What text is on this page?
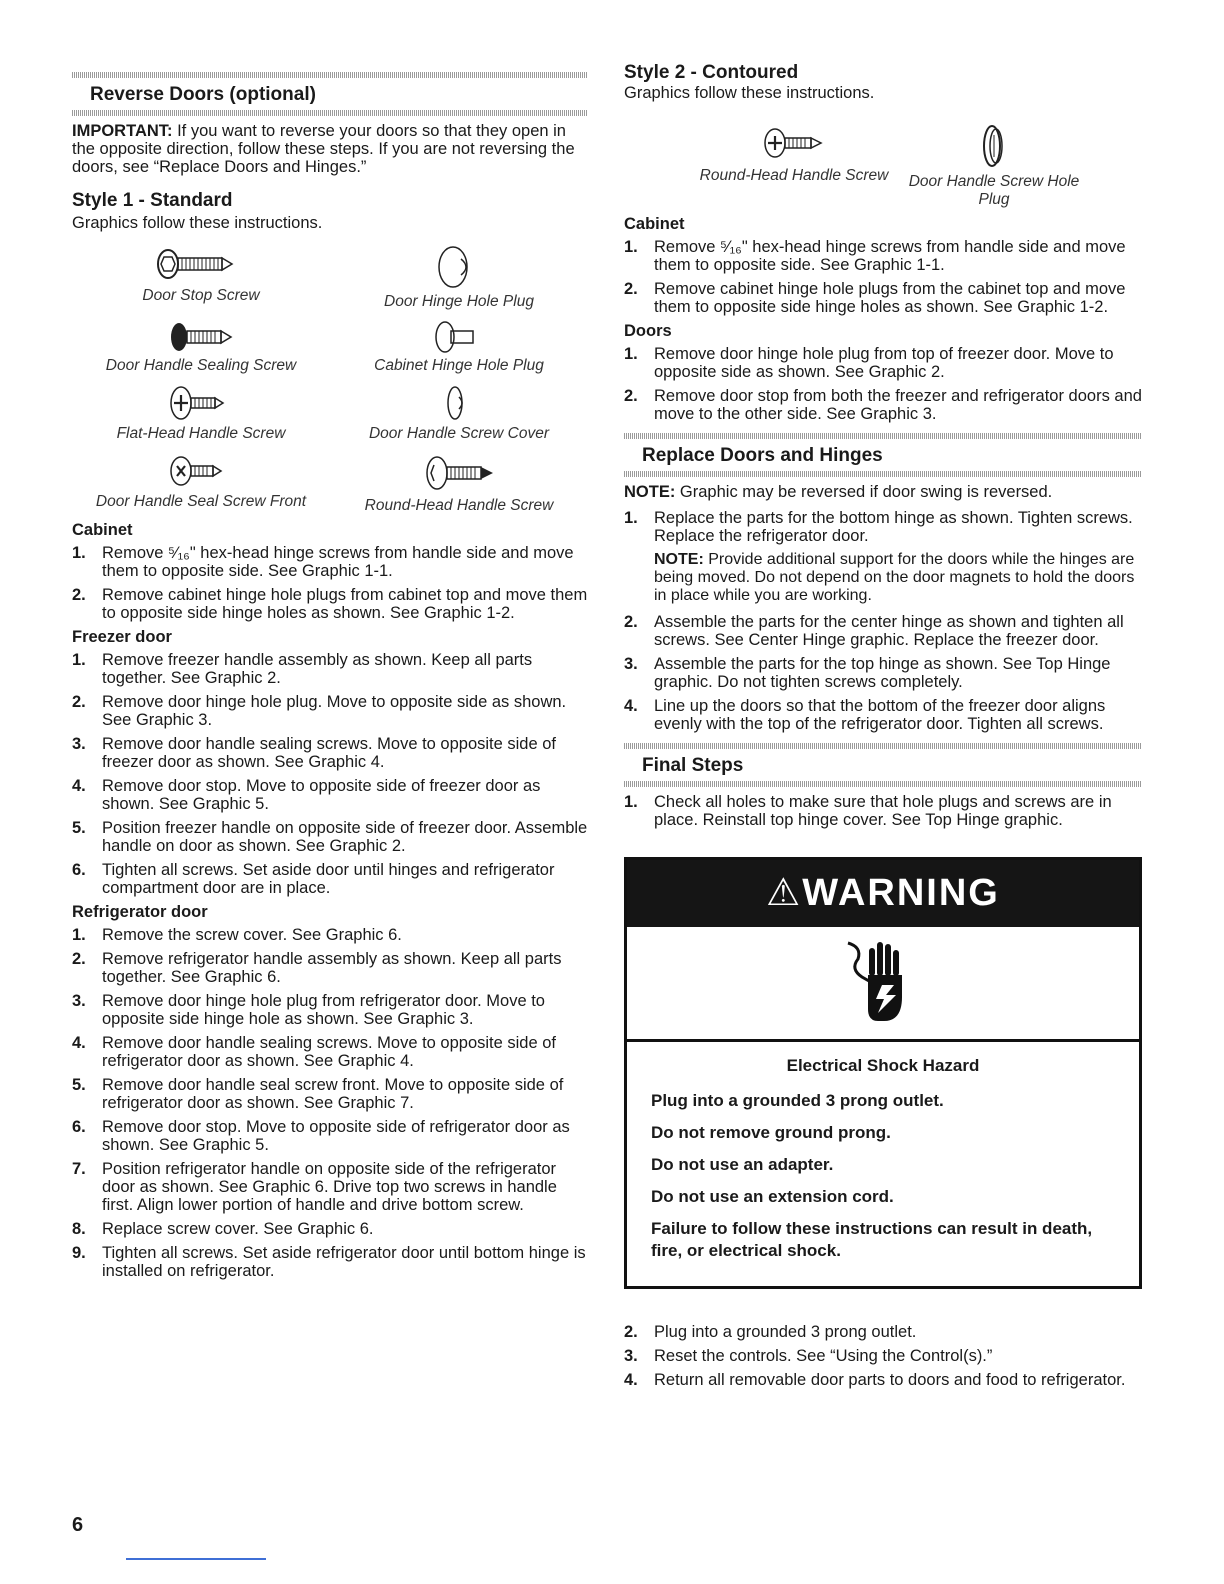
Reverse Doors (optional)

IMPORTANT: If you want to reverse your doors so that they open in the opposite direction, follow these steps. If you are not reversing the doors, see “Replace Doors and Hinges.”

Style 1 - Standard
Graphics follow these instructions.
Door Stop Screw	Door Hinge Hole Plug
Door Handle Sealing Screw	Cabinet Hinge Hole Plug
Flat-Head Handle Screw	Door Handle Screw Cover
Door Handle Seal Screw Front	Round-Head Handle Screw
Cabinet
1. Remove ⁵⁄₁₆" hex-head hinge screws from handle side and move them to opposite side. See Graphic 1-1.
2. Remove cabinet hinge hole plugs from cabinet top and move them to opposite side hinge holes as shown. See Graphic 1-2.
Freezer door
1. Remove freezer handle assembly as shown. Keep all parts together. See Graphic 2.
2. Remove door hinge hole plug. Move to opposite side as shown. See Graphic 3.
3. Remove door handle sealing screws. Move to opposite side of freezer door as shown. See Graphic 4.
4. Remove door stop. Move to opposite side of freezer door as shown. See Graphic 5.
5. Position freezer handle on opposite side of freezer door. Assemble handle on door as shown. See Graphic 2.
6. Tighten all screws. Set aside door until hinges and refrigerator compartment door are in place.
Refrigerator door
1. Remove the screw cover. See Graphic 6.
2. Remove refrigerator handle assembly as shown. Keep all parts together. See Graphic 6.
3. Remove door hinge hole plug from refrigerator door. Move to opposite side hinge hole as shown. See Graphic 3.
4. Remove door handle sealing screws. Move to opposite side of refrigerator door as shown. See Graphic 4.
5. Remove door handle seal screw front. Move to opposite side of refrigerator door as shown. See Graphic 7.
6. Remove door stop. Move to opposite side of refrigerator door as shown. See Graphic 5.
7. Position refrigerator handle on opposite side of the refrigerator door as shown. See Graphic 6. Drive top two screws in handle first. Align lower portion of handle and drive bottom screw.
8. Replace screw cover. See Graphic 6.
9. Tighten all screws. Set aside refrigerator door until bottom hinge is installed on refrigerator.
Style 2 - Contoured
Graphics follow these instructions.
Round-Head Handle Screw	Door Handle Screw Hole Plug
Cabinet
1. Remove ⁵⁄₁₆" hex-head hinge screws from handle side and move them to opposite side. See Graphic 1-1.
2. Remove cabinet hinge hole plugs from the cabinet top and move them to opposite side hinge holes as shown. See Graphic 1-2.
Doors
1. Remove door hinge hole plug from top of freezer door. Move to opposite side as shown. See Graphic 2.
2. Remove door stop from both the freezer and refrigerator doors and move to the other side. See Graphic 3.
Replace Doors and Hinges

NOTE: Graphic may be reversed if door swing is reversed.

1. Replace the parts for the bottom hinge as shown. Tighten screws. Replace the refrigerator door.
NOTE: Provide additional support for the doors while the hinges are being moved. Do not depend on the door magnets to hold the doors in place while you are working.
2. Assemble the parts for the center hinge as shown and tighten all screws. See Center Hinge graphic. Replace the freezer door.
3. Assemble the parts for the top hinge as shown. See Top Hinge graphic. Do not tighten screws completely.
4. Line up the doors so that the bottom of the freezer door aligns evenly with the top of the refrigerator door. Tighten all screws.
Final Steps
1. Check all holes to make sure that hole plugs and screws are in place. Reinstall top hinge cover. See Top Hinge graphic.
⚠WARNING
Electrical Shock Hazard
Plug into a grounded 3 prong outlet.
Do not remove ground prong.
Do not use an adapter.
Do not use an extension cord.
Failure to follow these instructions can result in death, fire, or electrical shock.
2. Plug into a grounded 3 prong outlet.
3. Reset the controls. See “Using the Control(s).”
4. Return all removable door parts to doors and food to refrigerator.
6
